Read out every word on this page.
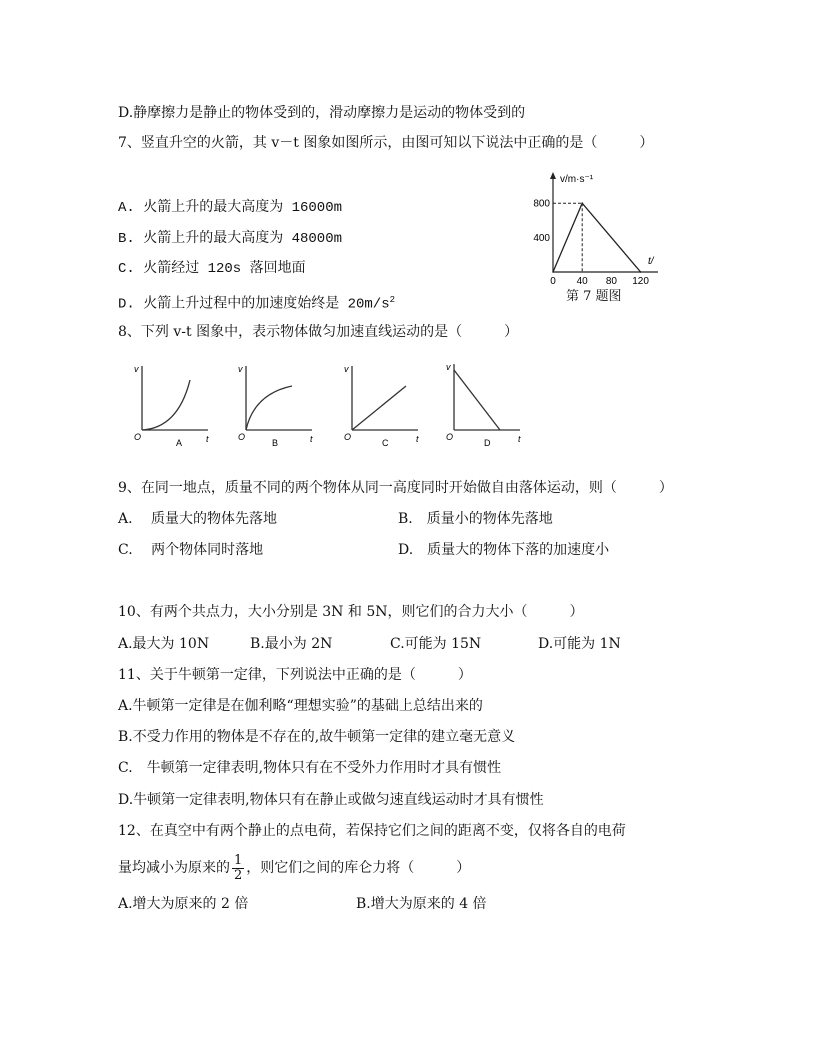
D.静摩擦力是静止的物体受到的，滑动摩擦力是运动的物体受到的
7、竖直升空的火箭，其 v－t 图象如图所示，由图可知以下说法中正确的是（　　　）
A. 火箭上升的最大高度为 16000m
B. 火箭上升的最大高度为 48000m
C. 火箭经过 120s 落回地面
D. 火箭上升过程中的加速度始终是 $20m/s^2$
v/m·s⁻¹
t/
800
400
0 40 80 120
第 7 题图
8、下列 v-t 图象中，表示物体做匀加速直线运动的是（　　　）
v
t
O
A
v
t
O
B
v
t
O
C
v
t
O
D
9、在同一地点，质量不同的两个物体从同一高度同时开始做自由落体运动，则（　　　）
A.　 质量大的物体先落地	B.　质量小的物体先落地
C.　 两个物体同时落地	D.　质量大的物体下落的加速度小
10、有两个共点力，大小分别是 3N 和 5N，则它们的合力大小（　　　）
A.最大为 10N	B.最小为 2N	C.可能为 15N	D.可能为 1N
11、关于牛顿第一定律，下列说法中正确的是（　　　）
A.牛顿第一定律是在伽利略“理想实验”的基础上总结出来的
B.不受力作用的物体是不存在的,故牛顿第一定律的建立毫无意义
C.　牛顿第一定律表明,物体只有在不受外力作用时才具有惯性
D.牛顿第一定律表明,物体只有在静止或做匀速直线运动时才具有惯性
12、在真空中有两个静止的点电荷，若保持它们之间的距离不变，仅将各自的电荷
量均减小为原来的 $\frac{1}{2}$ ，则它们之间的库仑力将（　　　）
A.增大为原来的 2 倍	B.增大为原来的 4 倍
